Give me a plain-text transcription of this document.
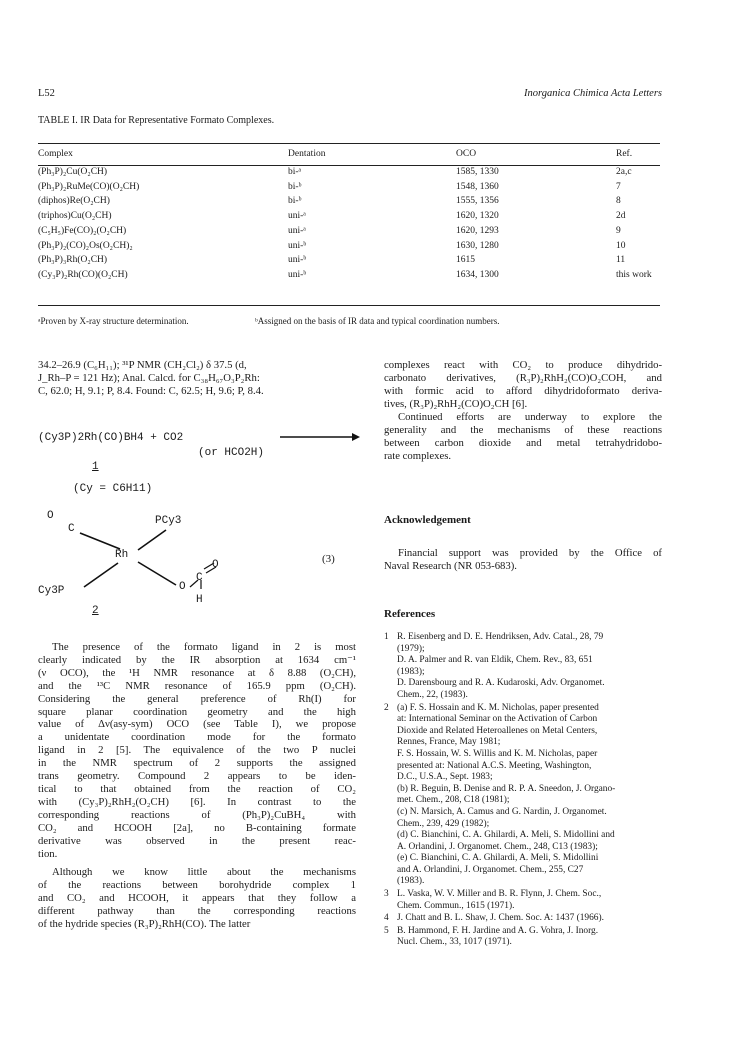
L52	Inorganica Chimica Acta Letters
TABLE I. IR Data for Representative Formato Complexes.
Complex	Dentation	OCO	Ref.
(Ph₃P)₂Cu(O₂CH)	bi-ᵃ	1585, 1330	2a,c
(Ph₃P)₂RuMe(CO)(O₂CH)	bi-ᵇ	1548, 1360	7
(diphos)Re(O₂CH)	bi-ᵇ	1555, 1356	8
(triphos)Cu(O₂CH)	uni-ᵃ	1620, 1320	2d
(C₅H₅)Fe(CO)₂(O₂CH)	uni-ᵃ	1620, 1293	9
(Ph₃P)₂(CO)₂Os(O₂CH)₂	uni-ᵇ	1630, 1280	10
(Ph₃P)₃Rh(O₂CH)	uni-ᵇ	1615	11
(Cy₃P)₂Rh(CO)(O₂CH)	uni-ᵇ	1634, 1300	this work
ᵃProven by X-ray structure determination.	ᵇAssigned on the basis of IR data and typical coordination numbers.
34.2–26.9 (C₆H₁₁); ³¹P NMR (CH₂Cl₂) δ 37.5 (d,
J_Rh–P = 121 Hz); Anal. Calcd. for C₃₈H₆₇O₃P₂Rh:
C, 62.0; H, 9.1; P, 8.4. Found: C, 62.5; H, 9.6; P, 8.4.
(Cy3P)2Rh(CO)BH4 + CO2
(or HCO2H)
1
(Cy = C6H11)
O
C
PCy3
Rh
Cy3P	O
C
O
H
2
(3)
The presence of the formato ligand in 2 is most
clearly indicated by the IR absorption at 1634 cm⁻¹
(ν OCO), the ¹H NMR resonance at δ 8.88 (O₂CH),
and the ¹³C NMR resonance of 165.9 ppm (O₂CH).
Considering the general preference of Rh(I) for
square planar coordination geometry and the high
value of Δν(asy-sym) OCO (see Table I), we propose
a unidentate coordination mode for the formato
ligand in 2 [5]. The equivalence of the two P nuclei
in the NMR spectrum of 2 supports the assigned
trans geometry. Compound 2 appears to be iden-
tical to that obtained from the reaction of CO₂
with (Cy₃P)₂RhH₂(O₂CH) [6]. In contrast to the
corresponding reactions of (Ph₃P)₂CuBH₄ with
CO₂ and HCOOH [2a], no B-containing formate
derivative was observed in the present reac-
tion.
Although we know little about the mechanisms
of the reactions between borohydride complex 1
and CO₂ and HCOOH, it appears that they follow a
different pathway than the corresponding reactions
of the hydride species (R₃P)₂RhH(CO). The latter
complexes react with CO₂ to produce dihydrido-
carbonato derivatives, (R₃P)₂RhH₂(CO)O₂COH, and
with formic acid to afford dihydridoformato deriva-
tives, (R₃P)₂RhH₂(CO)O₂CH [6].
Continued efforts are underway to explore the
generality and the mechanisms of these reactions
between carbon dioxide and metal tetrahydridobo-
rate complexes.
Acknowledgement
Financial support was provided by the Office of
Naval Research (NR 053-683).
References
1 R. Eisenberg and D. E. Hendriksen, Adv. Catal., 28, 79
(1979);
D. A. Palmer and R. van Eldik, Chem. Rev., 83, 651
(1983);
D. Darensbourg and R. A. Kudaroski, Adv. Organomet.
Chem., 22, (1983).
2 (a) F. S. Hossain and K. M. Nicholas, paper presented
at: International Seminar on the Activation of Carbon
Dioxide and Related Heteroallenes on Metal Centers,
Rennes, France, May 1981;
F. S. Hossain, W. S. Willis and K. M. Nicholas, paper
presented at: National A.C.S. Meeting, Washington,
D.C., U.S.A., Sept. 1983;
(b) R. Beguin, B. Denise and R. P. A. Sneedon, J. Organo-
met. Chem., 208, C18 (1981);
(c) N. Marsich, A. Camus and G. Nardin, J. Organomet.
Chem., 239, 429 (1982);
(d) C. Bianchini, C. A. Ghilardi, A. Meli, S. Midollini and
A. Orlandini, J. Organomet. Chem., 248, C13 (1983);
(e) C. Bianchini, C. A. Ghilardi, A. Meli, S. Midollini
and A. Orlandini, J. Organomet. Chem., 255, C27
(1983).
3 L. Vaska, W. V. Miller and B. R. Flynn, J. Chem. Soc.,
Chem. Commun., 1615 (1971).
4 J. Chatt and B. L. Shaw, J. Chem. Soc. A: 1437 (1966).
5 B. Hammond, F. H. Jardine and A. G. Vohra, J. Inorg.
Nucl. Chem., 33, 1017 (1971).
